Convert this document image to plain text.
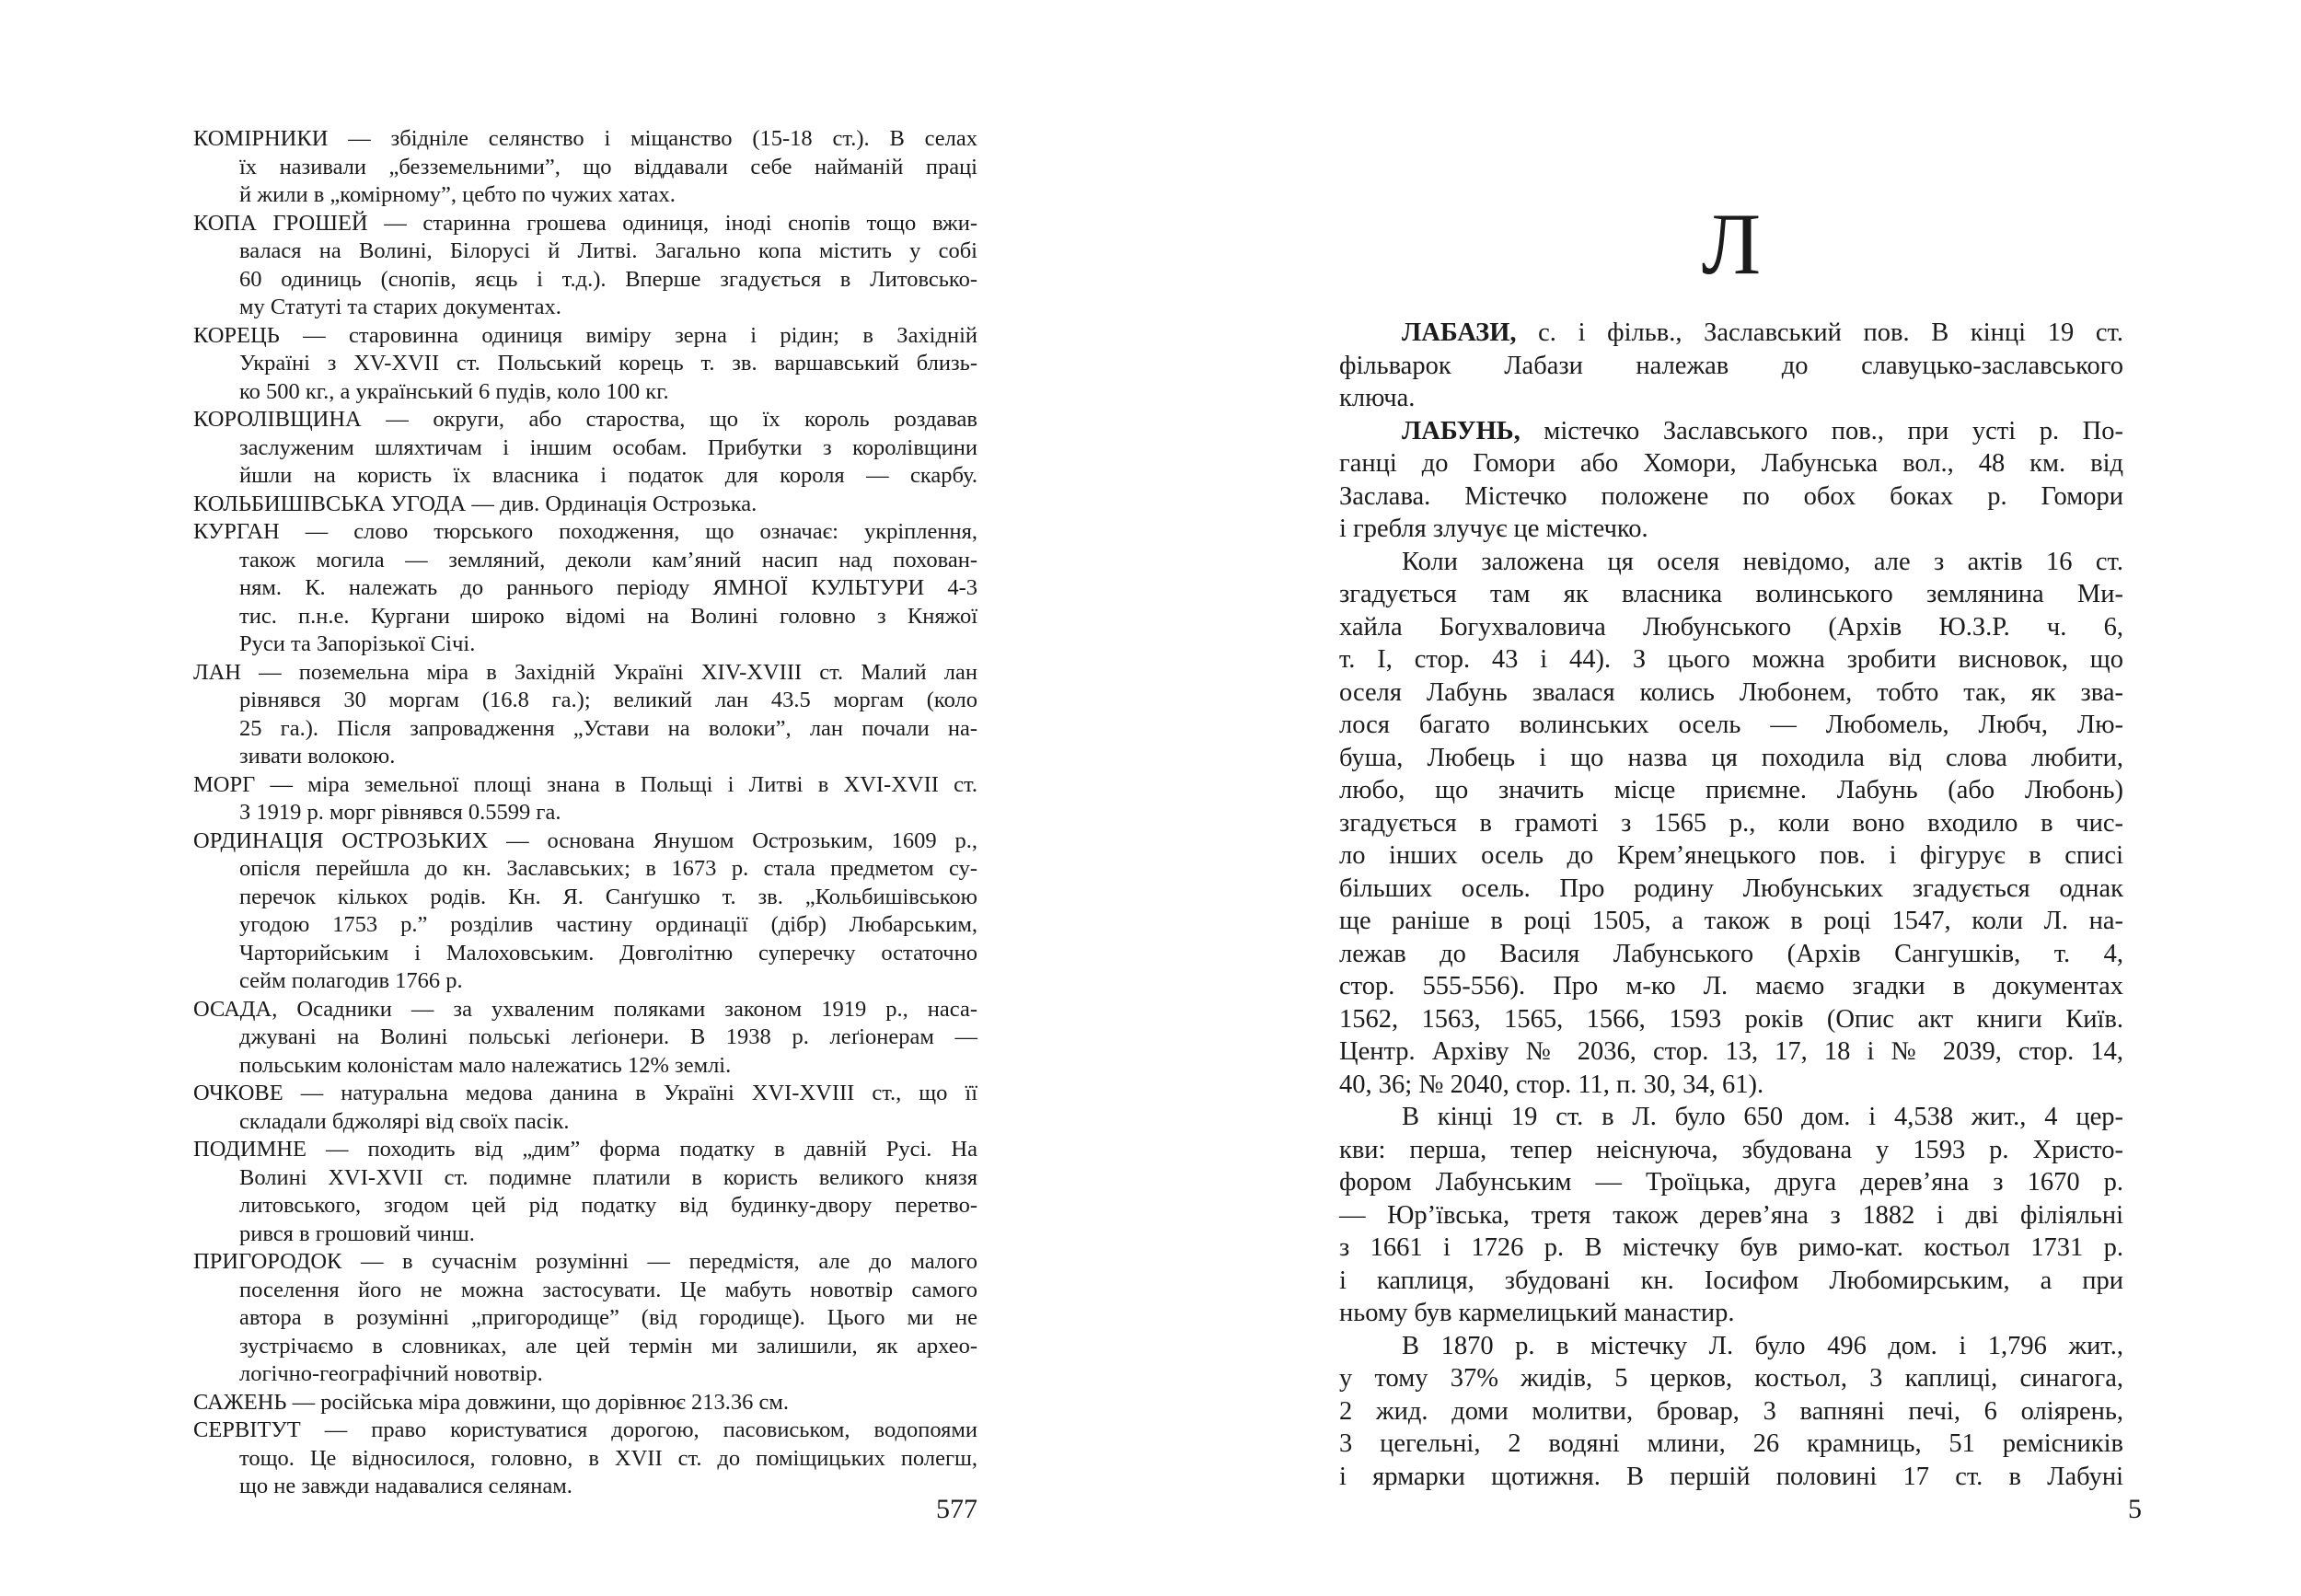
КОМІРНИКИ — збідніле селянство і міщанство (15-18 ст.). В селах
їх називали „безземельними”, що віддавали себе найманій праці
й жили в „комірному”, цебто по чужих хатах.
КОПА ГРОШЕЙ — старинна грошева одиниця, іноді снопів тощо вжи-
валася на Волині, Білорусі й Литві. Загально копа містить у собі
60 одиниць (снопів, яєць і т.д.). Вперше згадується в Литовсько-
му Статуті та старих документах.
КОРЕЦЬ — старовинна одиниця виміру зерна і рідин; в Західній
Україні з XV-XVII ст. Польський корець т. зв. варшавський близь-
ко 500 кг., а український 6 пудів, коло 100 кг.
КОРОЛІВЩИНА — округи, або староства, що їх король роздавав
заслуженим шляхтичам і іншим особам. Прибутки з королівщини
йшли на користь їх власника і податок для короля — скарбу.
КОЛЬБИШІВСЬКА УГОДА — див. Ординація Острозька.
КУРГАН — слово тюрського походження, що означає: укріплення,
також могила — земляний, деколи кам’яний насип над похован-
ням. К. належать до раннього періоду ЯМНОЇ КУЛЬТУРИ 4-3
тис. п.н.е. Кургани широко відомі на Волині головно з Княжої
Руси та Запорізької Січі.
ЛАН — поземельна міра в Західній Україні XIV-XVIII ст. Малий лан
рівнявся 30 моргам (16.8 га.); великий лан 43.5 моргам (коло
25 га.). Після запровадження „Устави на волоки”, лан почали на-
зивати волокою.
МОРГ — міра земельної площі знана в Польщі і Литві в XVI-XVII ст.
З 1919 р. морг рівнявся 0.5599 га.
ОРДИНАЦІЯ ОСТРОЗЬКИХ — основана Янушом Острозьким, 1609 р.,
опісля перейшла до кн. Заславських; в 1673 р. стала предметом су-
перечок кількох родів. Кн. Я. Санґушко т. зв. „Кольбишівською
угодою 1753 р.” розділив частину ординації (дібр) Любарським,
Чарторийським і Малоховським. Довголітню суперечку остаточно
сейм полагодив 1766 р.
ОСАДА, Осадники — за ухваленим поляками законом 1919 р., наса-
джувані на Волині польські леґіонери. В 1938 р. леґіонерам —
польським колоністам мало належатись 12% землі.
ОЧКОВЕ — натуральна медова данина в Україні XVI-XVIII ст., що її
складали бджолярі від своїх пасік.
ПОДИМНЕ — походить від „дим” форма податку в давній Русі. На
Волині XVI-XVII ст. подимне платили в користь великого князя
литовського, згодом цей рід податку від будинку-двору перетво-
рився в грошовий чинш.
ПРИГОРОДОК — в сучаснім розумінні — передмістя, але до малого
поселення його не можна застосувати. Це мабуть новотвір самого
автора в розумінні „пригородище” (від городище). Цього ми не
зустрічаємо в словниках, але цей термін ми залишили, як архео-
логічно-географічний новотвір.
САЖЕНЬ — російська міра довжини, що дорівнює 213.36 см.
СЕРВІТУТ — право користуватися дорогою, пасовиськом, водопоями
тощо. Це відносилося, головно, в XVII ст. до поміщицьких полегш,
що не завжди надавалися селянам.
577
Л
ЛАБАЗИ, с. і фільв., Заславський пов. В кінці 19 ст.
фільварок Лабази належав до славуцько-заславського
ключа.
ЛАБУНЬ, містечко Заславського пов., при усті р. По-
ганці до Гомори або Хомори, Лабунська вол., 48 км. від
Заслава. Містечко положене по обох боках р. Гомори
і гребля злучує це містечко.
Коли заложена ця оселя невідомо, але з актів 16 ст.
згадується там як власника волинського землянина Ми-
хайла Богухваловича Любунського (Архів Ю.З.Р. ч. 6,
т. І, стор. 43 і 44). З цього можна зробити висновок, що
оселя Лабунь звалася колись Любонем, тобто так, як зва-
лося багато волинських осель — Любомель, Любч, Лю-
буша, Любець і що назва ця походила від слова любити,
любо, що значить місце приємне. Лабунь (або Любонь)
згадується в грамоті з 1565 р., коли воно входило в чис-
ло інших осель до Крем’янецького пов. і фігурує в списі
більших осель. Про родину Любунських згадується однак
ще раніше в році 1505, а також в році 1547, коли Л. на-
лежав до Василя Лабунського (Архів Сангушків, т. 4,
стор. 555-556). Про м-ко Л. маємо згадки в документах
1562, 1563, 1565, 1566, 1593 років (Опис акт книги Київ.
Центр. Архіву № 2036, стор. 13, 17, 18 і № 2039, стор. 14,
40, 36; № 2040, стор. 11, п. 30, 34, 61).
В кінці 19 ст. в Л. було 650 дом. і 4,538 жит., 4 цер-
кви: перша, тепер неіснуюча, збудована у 1593 р. Христо-
фором Лабунським — Троїцька, друга дерев’яна з 1670 р.
— Юр’ївська, третя також дерев’яна з 1882 і дві філіяльні
з 1661 і 1726 р. В містечку був римо-кат. костьол 1731 р.
і каплиця, збудовані кн. Іосифом Любомирським, а при
ньому був кармелицький манастир.
В 1870 р. в містечку Л. було 496 дом. і 1,796 жит.,
у тому 37% жидів, 5 церков, костьол, 3 каплиці, синагога,
2 жид. доми молитви, бровар, 3 вапняні печі, 6 оліярень,
3 цегельні, 2 водяні млини, 26 крамниць, 51 ремісників
і ярмарки щотижня. В першій половині 17 ст. в Лабуні
5
